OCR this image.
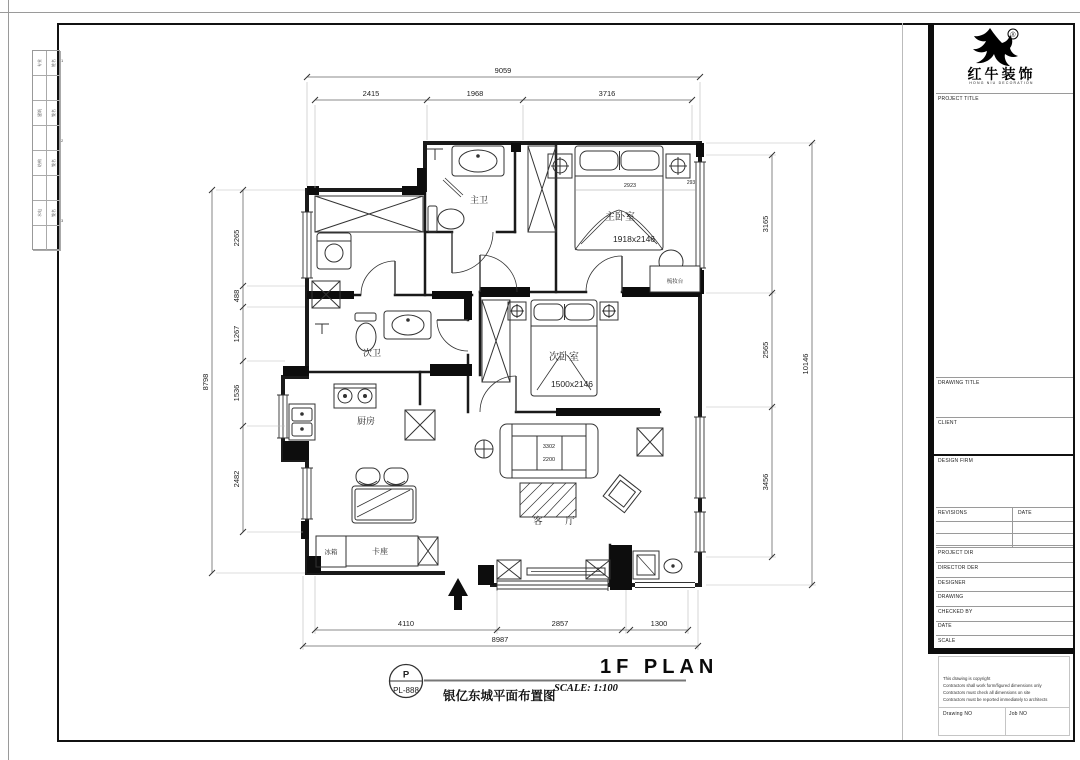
专业 姓名
建筑 签名
结构 签名
水电 签名
1
2
3
主卫
主卧室
1918x2146
次卧室
1500x2146
次卫
厨房
客 厅
冰箱	卡座
梳妆台
2923	293
3302
2200
9059
2415	1968	3716
8798
2265
488
1267
1536
2482
3165
2565
3456
10146
4110	2857	1300
8987
P
PL-888
1F PLAN
银亿东城平面布置图
SCALE: 1:100
®
红牛装饰
HONG NIU DECORATION
PROJECT TITLE
DRAWING TITLE
CLIENT
DESIGN FIRM
REVISIONS	DATE
PROJECT DIR
DIRECTOR DER
DESIGNER
DRAWING
CHECKED BY
DATE
SCALE
This drawing is copyright
Contractors shall work form/figured dimensions only
Contractors must check all dimensions on site
Contractors must be reported immediately to architects
Drawing NO	Job NO
